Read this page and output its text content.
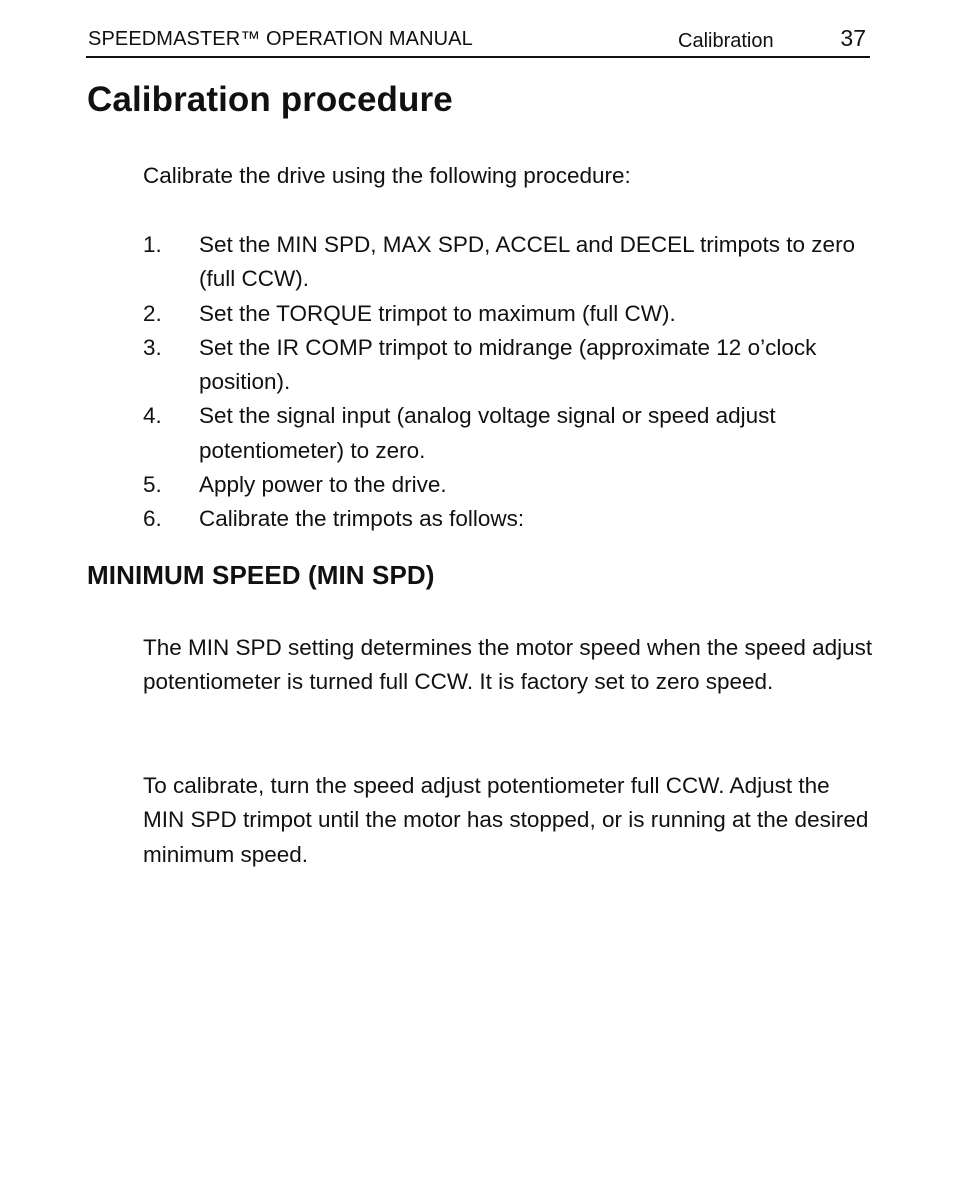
SPEEDMASTER™ OPERATION MANUAL	Calibration	37
Calibration procedure

Calibrate the drive using the following procedure:

1. Set the MIN SPD, MAX SPD, ACCEL and DECEL trimpots to zero (full CCW).
2. Set the TORQUE trimpot to maximum (full CW).
3. Set the IR COMP trimpot to midrange (approximate 12 o’clock position).
4. Set the signal input (analog voltage signal or speed adjust potentiometer) to zero.
5. Apply power to the drive.
6. Calibrate the trimpots as follows:
MINIMUM SPEED (MIN SPD)

The MIN SPD setting determines the motor speed when the speed adjust potentiometer is turned full CCW. It is factory set to zero speed.

To calibrate, turn the speed adjust potentiometer full CCW. Adjust the MIN SPD trimpot until the motor has stopped, or is running at the desired minimum speed.
